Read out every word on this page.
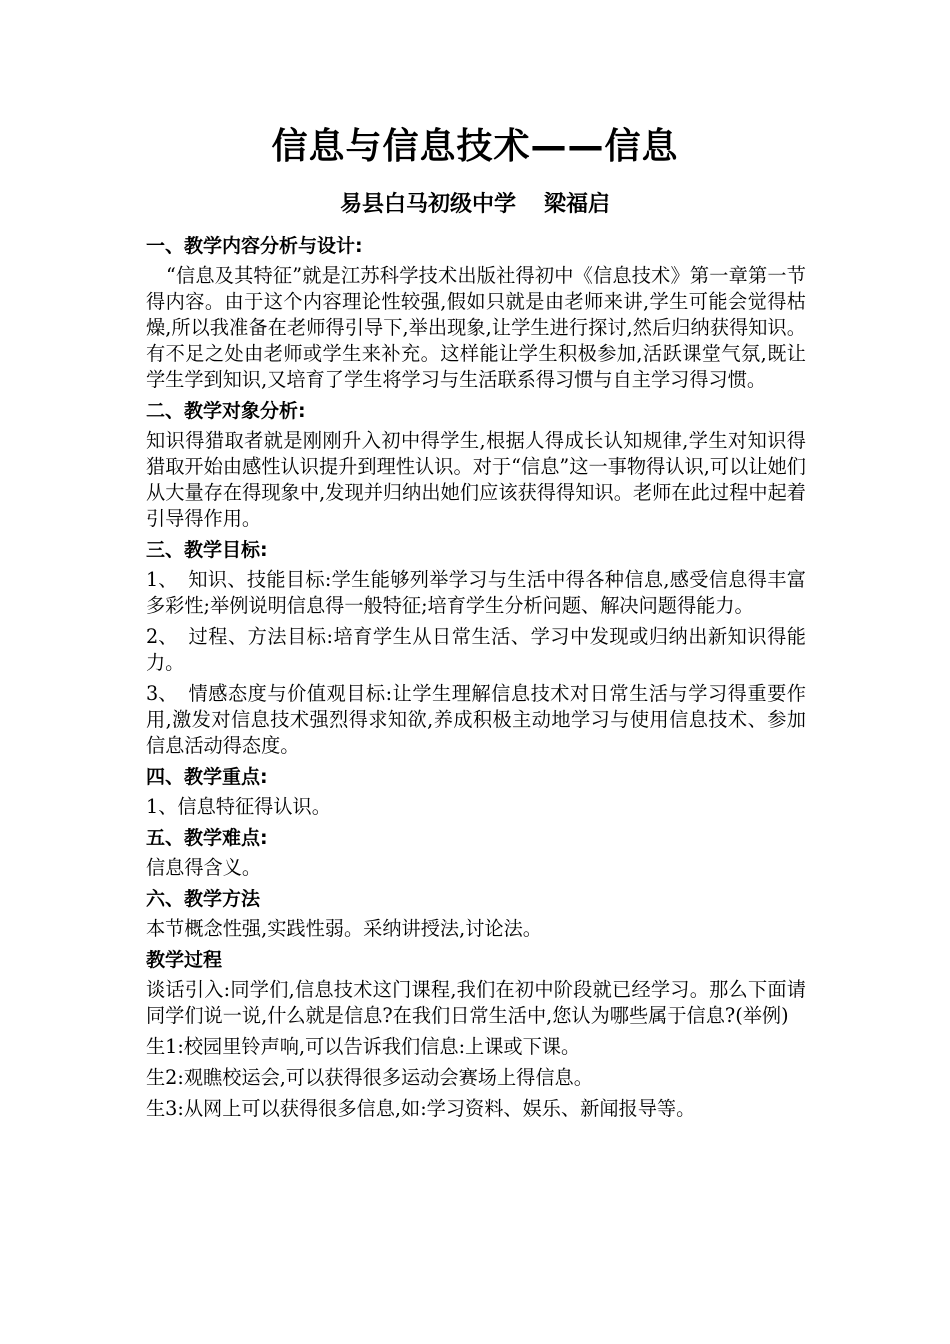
信息与信息技术——信息
易县白马初级中学 梁福启
一、教学内容分析与设计:
“信息及其特征”就是江苏科学技术出版社得初中《信息技术》第一章第一节得内容。由于这个内容理论性较强,假如只就是由老师来讲,学生可能会觉得枯燥,所以我准备在老师得引导下,举出现象,让学生进行探讨,然后归纳获得知识。有不足之处由老师或学生来补充。这样能让学生积极参加,活跃课堂气氛,既让学生学到知识,又培育了学生将学习与生活联系得习惯与自主学习得习惯。
二、教学对象分析:
知识得猎取者就是刚刚升入初中得学生,根据人得成长认知规律,学生对知识得猎取开始由感性认识提升到理性认识。对于“信息”这一事物得认识,可以让她们从大量存在得现象中,发现并归纳出她们应该获得得知识。老师在此过程中起着引导得作用。
三、教学目标:
1、 知识、技能目标:学生能够列举学习与生活中得各种信息,感受信息得丰富多彩性;举例说明信息得一般特征;培育学生分析问题、解决问题得能力。
2、 过程、方法目标:培育学生从日常生活、学习中发现或归纳出新知识得能力。
3、 情感态度与价值观目标:让学生理解信息技术对日常生活与学习得重要作用,激发对信息技术强烈得求知欲,养成积极主动地学习与使用信息技术、参加信息活动得态度。
四、教学重点:
1、信息特征得认识。
五、教学难点:
信息得含义。
六、教学方法
本节概念性强,实践性弱。采纳讲授法,讨论法。
教学过程
谈话引入:同学们,信息技术这门课程,我们在初中阶段就已经学习。那么下面请同学们说一说,什么就是信息?在我们日常生活中,您认为哪些属于信息?(举例)
生1:校园里铃声响,可以告诉我们信息:上课或下课。
生2:观瞧校运会,可以获得很多运动会赛场上得信息。
生3:从网上可以获得很多信息,如:学习资料、娱乐、新闻报导等。
